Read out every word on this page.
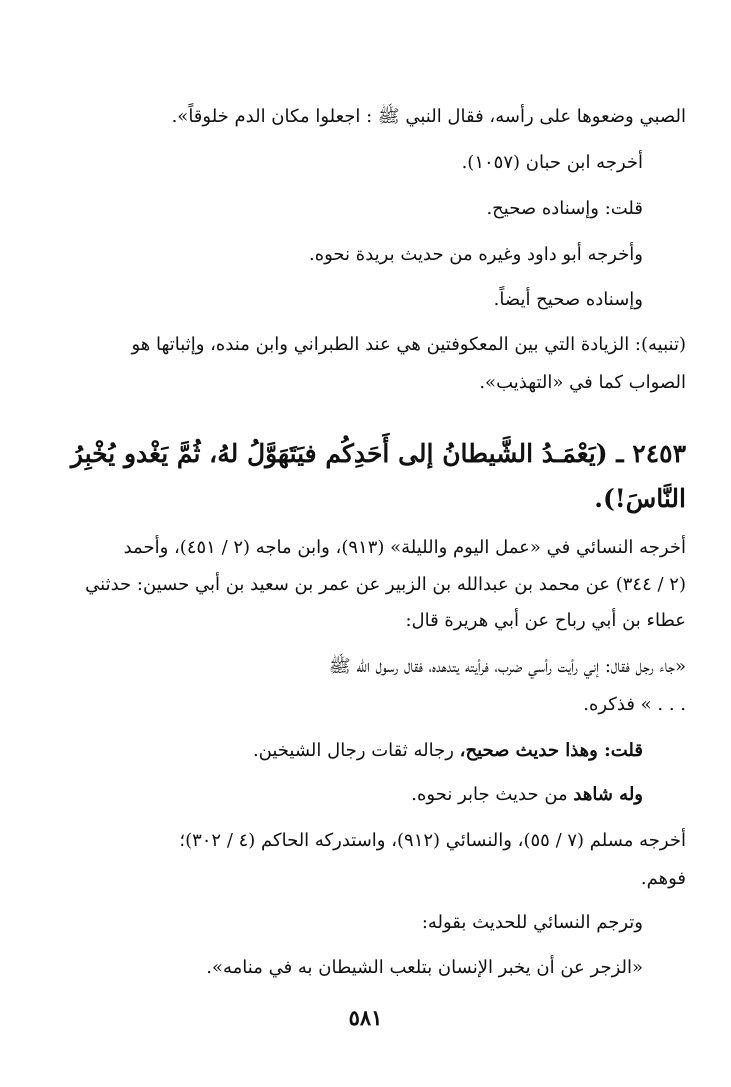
الصبي وضعوها على رأسه، فقال النبي ﷺ : اجعلوا مكان الدم خلوقاً».
أخرجه ابن حبان (١٠٥٧).
قلت: وإسناده صحيح.
وأخرجه أبو داود وغيره من حديث بريدة نحوه.
وإسناده صحيح أيضاً.
(تنبيه): الزيادة التي بين المعكوفتين هي عند الطبراني وابن منده، وإثباتها هو
الصواب كما في «التهذيب».
٢٤٥٣ ـ (يَعْمَـدُ الشَّيطانُ إلى أَحَدِكُم فيَتَهَوَّلُ لهُ، ثُمَّ يَغْدو يُخْبِرُ
النَّاسَ!).
أخرجه النسائي في «عمل اليوم والليلة» (٩١٣)، وابن ماجه (٢ / ٤٥١)، وأحمد
(٢ / ٣٤٤) عن محمد بن عبدالله بن الزبير عن عمر بن سعيد بن أبي حسين: حدثني
عطاء بن أبي رباح عن أبي هريرة قال:
«جاء رجل فقال: إني رأيت رأسي ضرب، فرأيته يتدهده، فقال رسول الله ﷺ
. . . » فذكره.
قلت: وهذا حديث صحيح، رجاله ثقات رجال الشيخين.
وله شاهد من حديث جابر نحوه.
أخرجه مسلم (٧ / ٥٥)، والنسائي (٩١٢)، واستدركه الحاكم (٤ / ٣٠٢)؛
فوهم.
وترجم النسائي للحديث بقوله:
«الزجر عن أن يخبر الإنسان بتلعب الشيطان به في منامه».
٥٨١
